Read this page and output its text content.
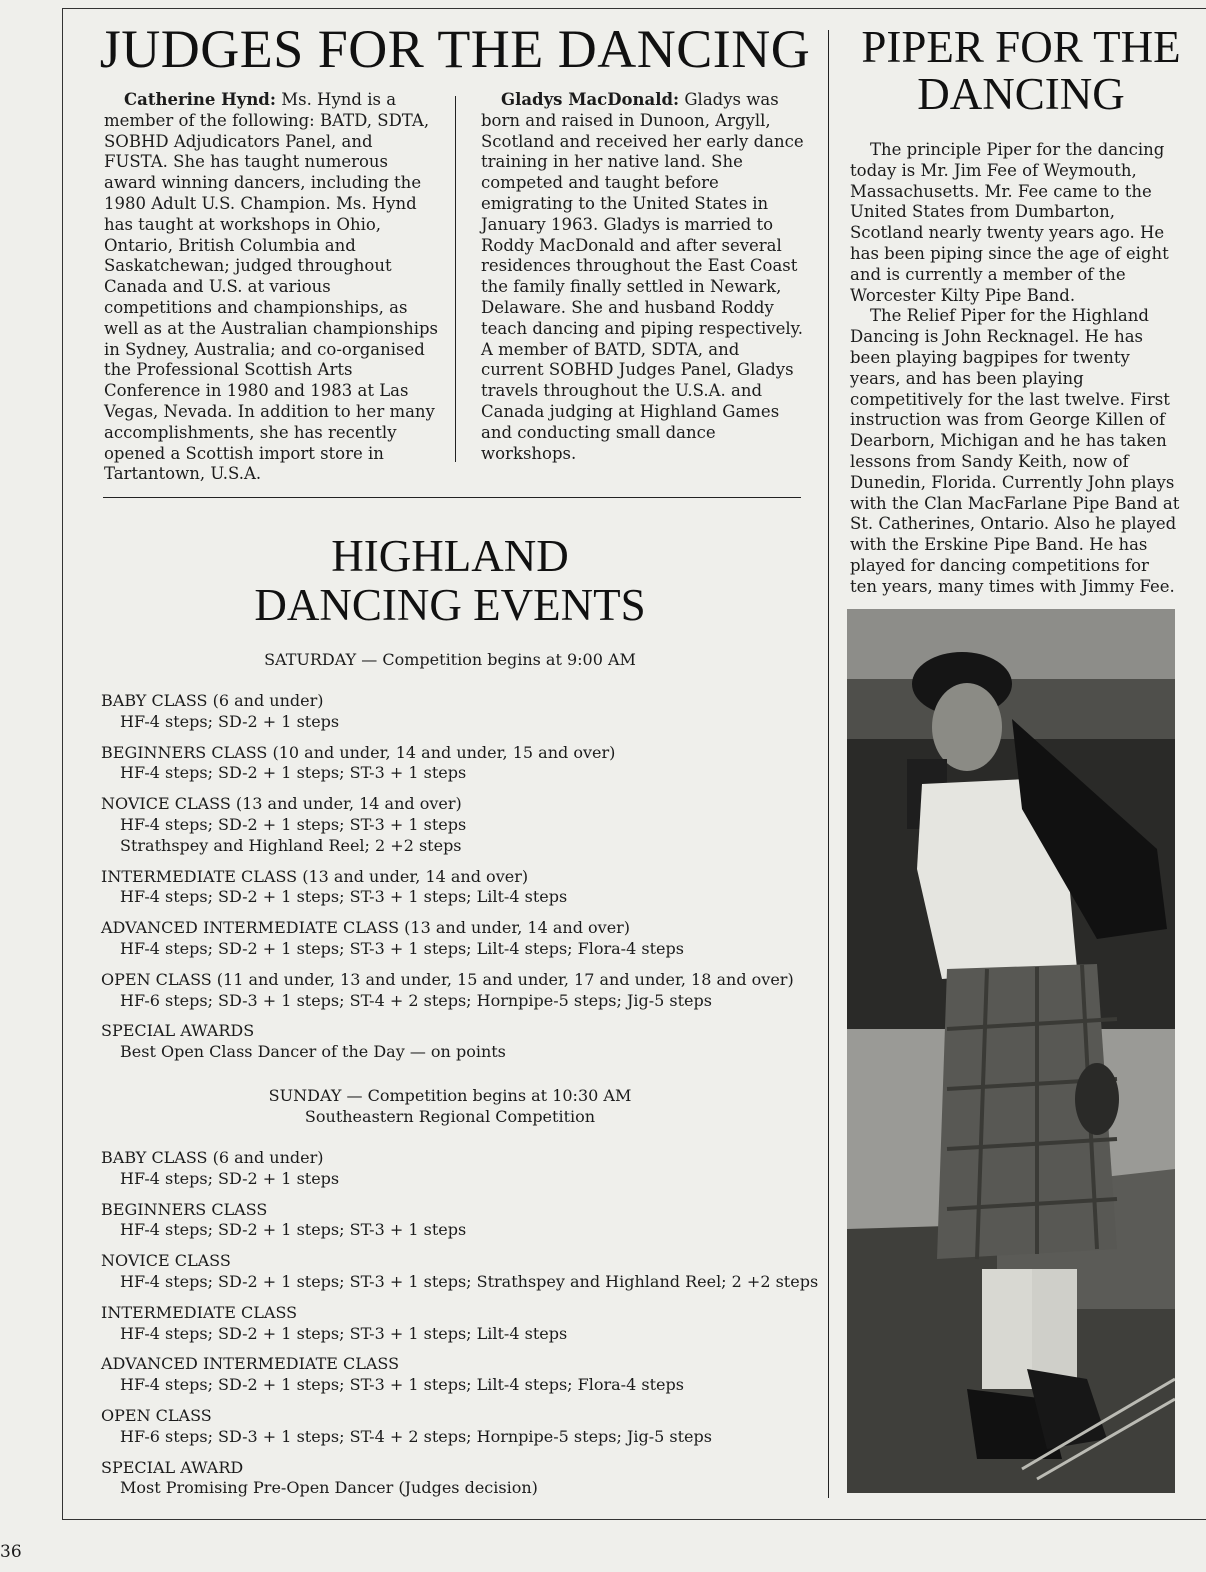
JUDGES FOR THE DANCING

Catherine Hynd: Ms. Hynd is a member of the following: BATD, SDTA, SOBHD Adjudicators Panel, and FUSTA. She has taught numerous award winning dancers, including the 1980 Adult U.S. Champion. Ms. Hynd has taught at workshops in Ohio, Ontario, British Columbia and Saskatchewan; judged throughout Canada and U.S. at various competitions and championships, as well as at the Australian championships in Sydney, Australia; and co-organised the Professional Scottish Arts Conference in 1980 and 1983 at Las Vegas, Nevada. In addition to her many accomplishments, she has recently opened a Scottish import store in Tartantown, U.S.A.

Gladys MacDonald: Gladys was born and raised in Dunoon, Argyll, Scotland and received her early dance training in her native land. She competed and taught before emigrating to the United States in January 1963. Gladys is married to Roddy MacDonald and after several residences throughout the East Coast the family finally settled in Newark, Delaware. She and husband Roddy teach dancing and piping respectively. A member of BATD, SDTA, and current SOBHD Judges Panel, Gladys travels throughout the U.S.A. and Canada judging at Highland Games and conducting small dance workshops.

HIGHLAND
DANCING EVENTS
SATURDAY — Competition begins at 9:00 AM
BABY CLASS (6 and under)
HF-4 steps; SD-2 + 1 steps
BEGINNERS CLASS (10 and under, 14 and under, 15 and over)
HF-4 steps; SD-2 + 1 steps; ST-3 + 1 steps
NOVICE CLASS (13 and under, 14 and over)
HF-4 steps; SD-2 + 1 steps; ST-3 + 1 steps
Strathspey and Highland Reel; 2 +2 steps
INTERMEDIATE CLASS (13 and under, 14 and over)
HF-4 steps; SD-2 + 1 steps; ST-3 + 1 steps; Lilt-4 steps
ADVANCED INTERMEDIATE CLASS (13 and under, 14 and over)
HF-4 steps; SD-2 + 1 steps; ST-3 + 1 steps; Lilt-4 steps; Flora-4 steps
OPEN CLASS (11 and under, 13 and under, 15 and under, 17 and under, 18 and over)
HF-6 steps; SD-3 + 1 steps; ST-4 + 2 steps; Hornpipe-5 steps; Jig-5 steps
SPECIAL AWARDS
Best Open Class Dancer of the Day — on points
SUNDAY — Competition begins at 10:30 AM
Southeastern Regional Competition
BABY CLASS (6 and under)
HF-4 steps; SD-2 + 1 steps
BEGINNERS CLASS
HF-4 steps; SD-2 + 1 steps; ST-3 + 1 steps
NOVICE CLASS
HF-4 steps; SD-2 + 1 steps; ST-3 + 1 steps; Strathspey and Highland Reel; 2 +2 steps
INTERMEDIATE CLASS
HF-4 steps; SD-2 + 1 steps; ST-3 + 1 steps; Lilt-4 steps
ADVANCED INTERMEDIATE CLASS
HF-4 steps; SD-2 + 1 steps; ST-3 + 1 steps; Lilt-4 steps; Flora-4 steps
OPEN CLASS
HF-6 steps; SD-3 + 1 steps; ST-4 + 2 steps; Hornpipe-5 steps; Jig-5 steps
SPECIAL AWARD
Most Promising Pre-Open Dancer (Judges decision)
PIPER FOR THE
DANCING

The principle Piper for the dancing today is Mr. Jim Fee of Weymouth, Massachusetts. Mr. Fee came to the United States from Dumbarton, Scotland nearly twenty years ago. He has been piping since the age of eight and is currently a member of the Worcester Kilty Pipe Band.

The Relief Piper for the Highland Dancing is John Recknagel. He has been playing bagpipes for twenty years, and has been playing competitively for the last twelve. First instruction was from George Killen of Dearborn, Michigan and he has taken lessons from Sandy Keith, now of Dunedin, Florida. Currently John plays with the Clan MacFarlane Pipe Band at St. Catherines, Ontario. Also he played with the Erskine Pipe Band. He has played for dancing competitions for ten years, many times with Jimmy Fee.

36
